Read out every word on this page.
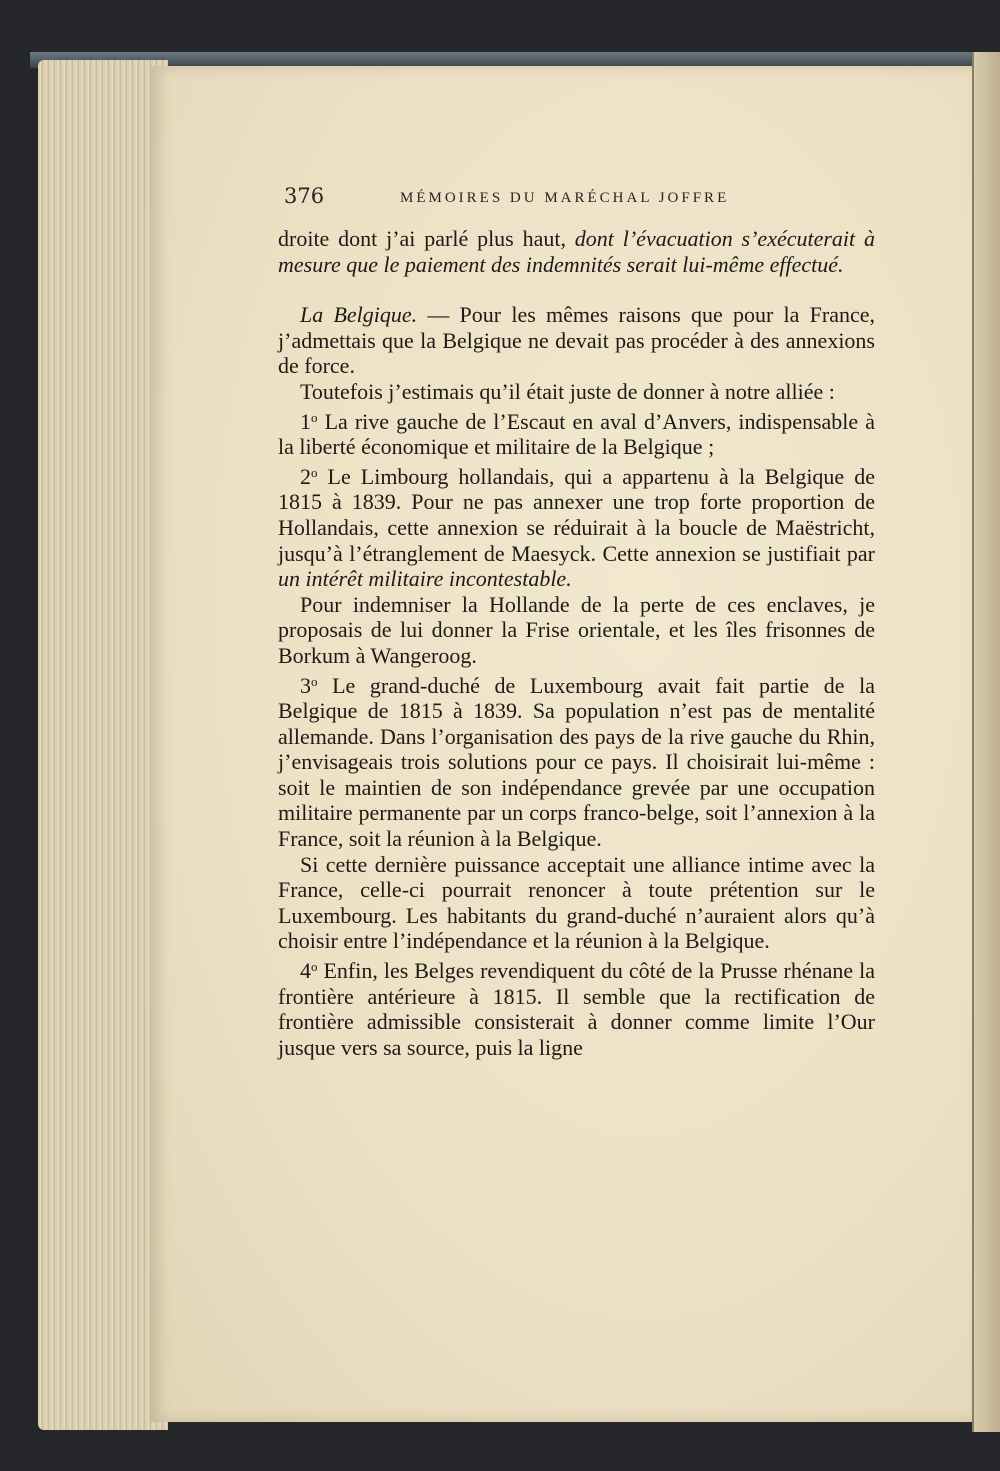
376	MÉMOIRES DU MARÉCHAL JOFFRE

droite dont j’ai parlé plus haut, dont l’évacuation s’exécuterait à mesure que le paiement des indemnités serait lui-même effectué.

La Belgique. — Pour les mêmes raisons que pour la France, j’admettais que la Belgique ne devait pas procéder à des annexions de force.

Toutefois j’estimais qu’il était juste de donner à notre alliée :

1$^o$ La rive gauche de l’Escaut en aval d’Anvers, indispensable à la liberté économique et militaire de la Belgique ;

2$^o$ Le Limbourg hollandais, qui a appartenu à la Belgique de 1815 à 1839. Pour ne pas annexer une trop forte proportion de Hollandais, cette annexion se réduirait à la boucle de Maëstricht, jusqu’à l’étranglement de Maesyck. Cette annexion se justifiait par un intérêt militaire incontestable.

Pour indemniser la Hollande de la perte de ces enclaves, je proposais de lui donner la Frise orientale, et les îles frisonnes de Borkum à Wangeroog.

3$^o$ Le grand-duché de Luxembourg avait fait partie de la Belgique de 1815 à 1839. Sa population n’est pas de mentalité allemande. Dans l’organisation des pays de la rive gauche du Rhin, j’envisageais trois solutions pour ce pays. Il choisirait lui-même : soit le maintien de son indépendance grevée par une occupation militaire permanente par un corps franco-belge, soit l’annexion à la France, soit la réunion à la Belgique.

Si cette dernière puissance acceptait une alliance intime avec la France, celle-ci pourrait renoncer à toute prétention sur le Luxembourg. Les habitants du grand-duché n’auraient alors qu’à choisir entre l’indépendance et la réunion à la Belgique.

4$^o$ Enfin, les Belges revendiquent du côté de la Prusse rhénane la frontière antérieure à 1815. Il semble que la rectification de frontière admissible consisterait à donner comme limite l’Our jusque vers sa source, puis la ligne
